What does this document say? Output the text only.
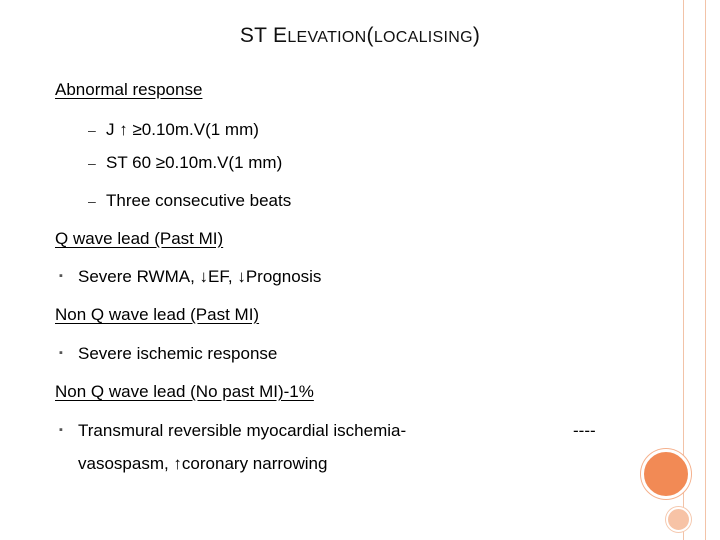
ST ELEVATION(LOCALISING)
Abnormal response
– J ↑ ≥0.10m.V(1 mm)
– ST 60 ≥0.10m.V(1 mm)
– Three consecutive beats
Q wave lead (Past MI)
▪ Severe RWMA, ↓EF, ↓Prognosis
Non Q wave lead (Past MI)
▪ Severe ischemic response
Non Q wave lead (No past MI)-1%
▪ Transmural reversible myocardial ischemia-	----
vasospasm, ↑coronary narrowing
